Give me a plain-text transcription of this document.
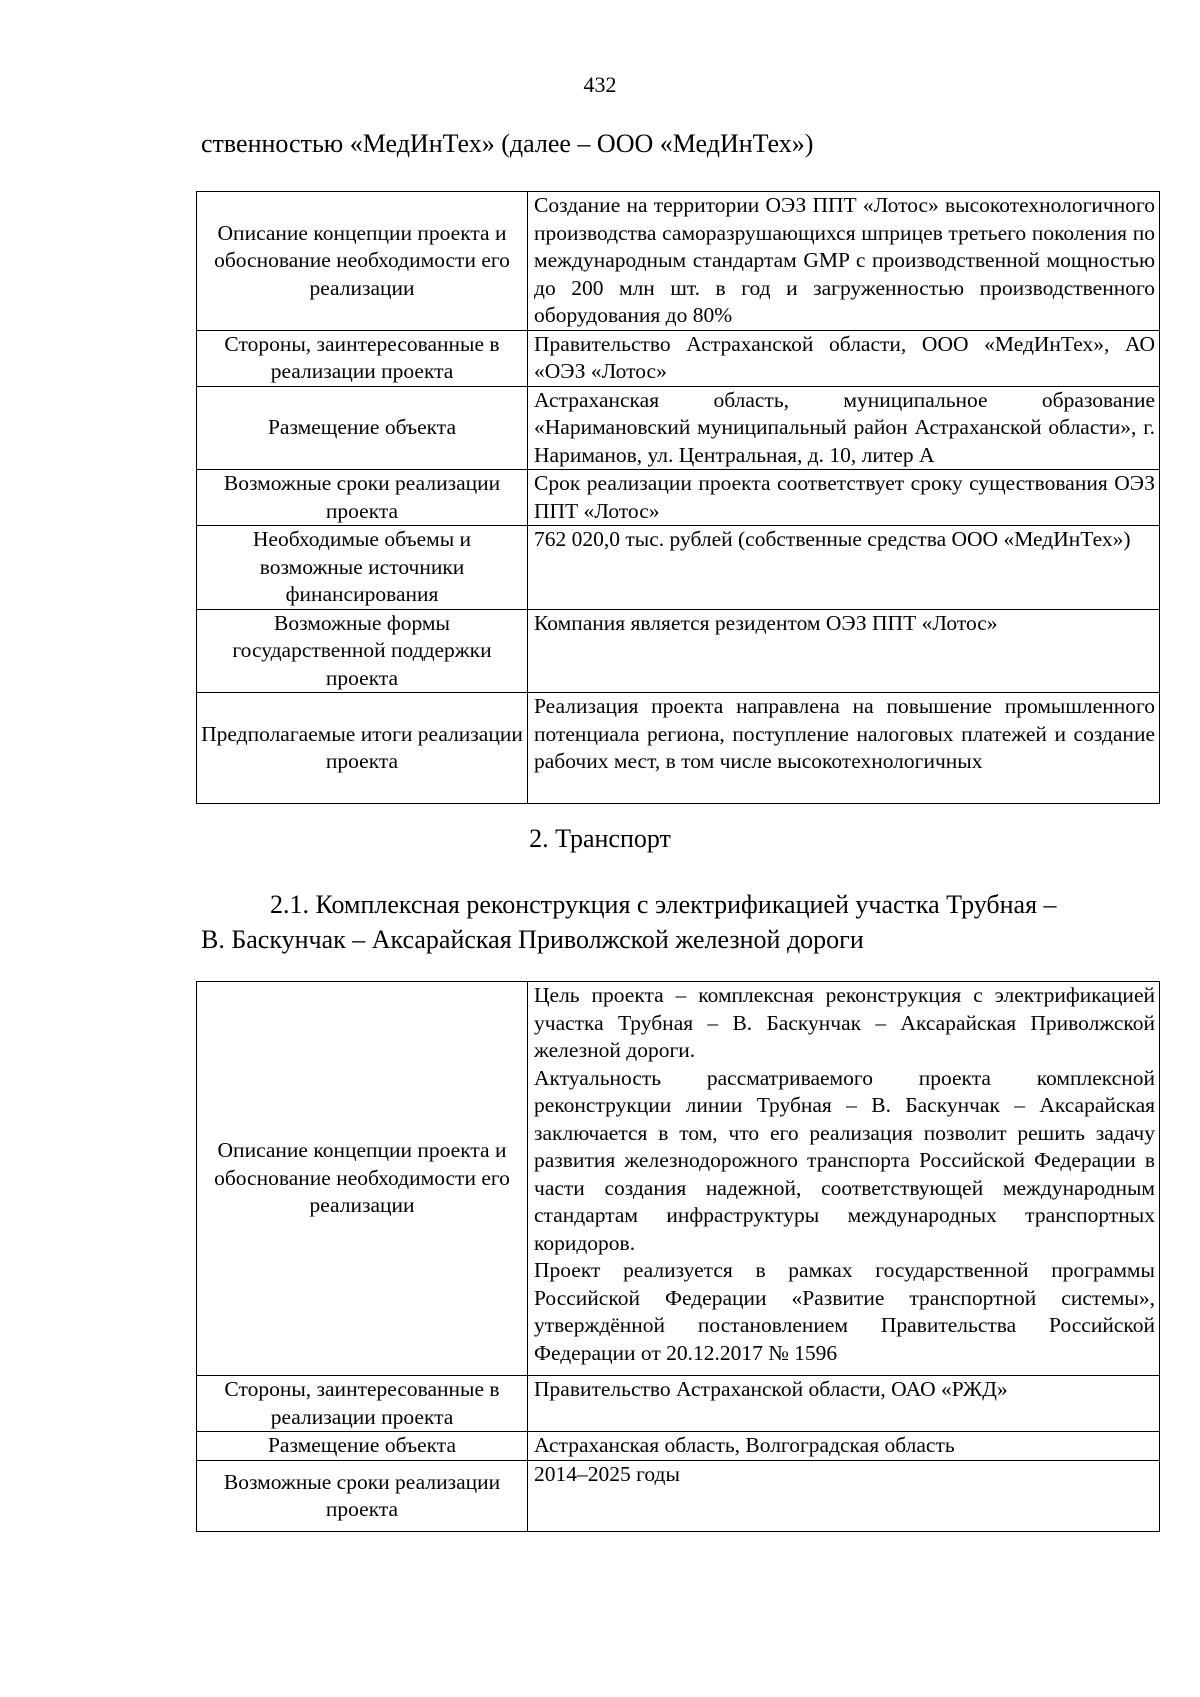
432
ственностью «МедИнТех» (далее – ООО «МедИнТех»)
Описание концепции проекта и обоснование необходимости его реализации	Создание на территории ОЭЗ ППТ «Лотос» высокотехнологичного производства саморазрушающихся шприцев третьего поколения по международным стандартам GMP с производственной мощностью до 200 млн шт. в год и загруженностью производственного оборудования до 80%
Стороны, заинтересованные в реализации проекта	Правительство Астраханской области, ООО «МедИнТех», АО «ОЭЗ «Лотос»
Размещение объекта	Астраханская область, муниципальное образование «Наримановский муниципальный район Астраханской области», г. Нариманов, ул. Центральная, д. 10, литер А
Возможные сроки реализации проекта	Срок реализации проекта соответствует сроку существования ОЭЗ ППТ «Лотос»
Необходимые объемы и возможные источники финансирования	762 020,0 тыс. рублей (собственные средства ООО «МедИнТех»)
Возможные формы государственной поддержки проекта	Компания является резидентом ОЭЗ ППТ «Лотос»
Предполагаемые итоги реализации проекта	Реализация проекта направлена на повышение промышленного потенциала региона, поступление налоговых платежей и создание рабочих мест, в том числе высокотехнологичных
2. Транспорт
2.1. Комплексная реконструкция с электрификацией участка Трубная –
В. Баскунчак – Аксарайская Приволжской железной дороги
Описание концепции проекта и обоснование необходимости его реализации	Цель проекта – комплексная реконструкция с электрификацией участка Трубная – В. Баскунчак – Аксарайская Приволжской железной дороги.
Актуальность рассматриваемого проекта комплексной реконструкции линии Трубная – В. Баскунчак – Аксарайская заключается в том, что его реализация позволит решить задачу развития железнодорожного транспорта Российской Федерации в части создания надежной, соответствующей международным стандартам инфраструктуры международных транспортных коридоров.
Проект реализуется в рамках государственной программы Российской Федерации «Развитие транспортной системы», утверждённой постановлением Правительства Российской Федерации от 20.12.2017 № 1596

Стороны, заинтересованные в реализации проекта	Правительство Астраханской области, ОАО «РЖД»
Размещение объекта	Астраханская область, Волгоградская область
Возможные сроки реализации проекта	2014–2025 годы
